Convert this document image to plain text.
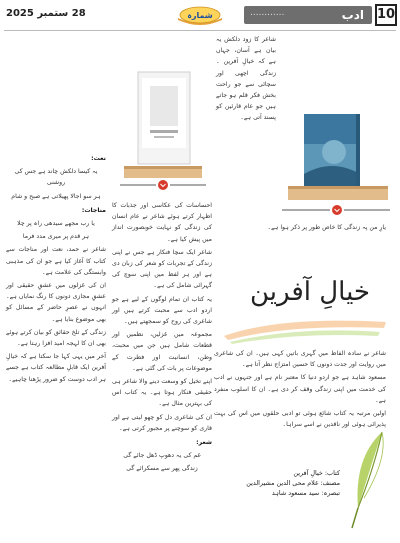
28 ستمبر 2025	شمارہ	............	ادب 10

یارِ من پہ زندگی کا خاص طور پر ذکر ہوا ہے۔

شاعر کا زود دلکش یہ بیان ہے آسان، جہاں ہے کہ خیالِ آفرین ۔ زندگی اچھی اور سچائی سے جو راحت بخش فکر قلم ہو جاتے ہیں جو عام قارئین کو پسند آتی ہے۔

شاعر نے سادہ الفاظ میں گہری باتیں کہی ہیں۔ ان کی شاعری میں روایت اور جدت دونوں کا حسین امتزاج نظر آتا ہے۔

مسعود شاہد ہے جو اردو دنیا کا معتبر نام ہے اور جنہوں نے ادب کی خدمت میں اپنی زندگی وقف کر دی ہے۔ ان کا اسلوب منفرد ہے۔

اولین مرتبہ یہ کتاب شائع ہوئی تو ادبی حلقوں میں اس کی بہت پذیرائی ہوئی اور ناقدین نے اسے سراہا۔

احساسات کی عکاسی اور جذبات کا اظہار کرتے ہوئے شاعر نے عام انسان کی زندگی کو نہایت خوبصورت انداز میں پیش کیا ہے۔

شاعر ایک سچا فنکار ہے جس نے اپنی زندگی کے تجربات کو شعر کی زبان دی ہے اور ہر لفظ میں اپنی سوچ کی گہرائی شامل کی ہے۔

یہ کتاب ان تمام لوگوں کے لیے ہے جو اردو ادب سے محبت کرتے ہیں اور شاعری کی روح کو سمجھتے ہیں۔

مجموعہ میں غزلیں، نظمیں اور قطعات شامل ہیں جن میں محبت، وطن، انسانیت اور فطرت کے موضوعات پر بات کی گئی ہے۔

اپنے تخیل کو وسعت دینے والا شاعر ہی حقیقی فنکار ہوتا ہے۔ یہ کتاب اس کی بہترین مثال ہے۔

ان کی شاعری دل کو چھو لیتی ہے اور قاری کو سوچنے پر مجبور کرتی ہے۔

شعر:

غم کی یہ دھوپ ڈھل جائے گی

زندگی پھر سے مسکرائے گی

نعت:

یہ کیسا دلکش چاند ہے جس کی روشنی

ہر سو اجالا پھیلاتی ہے صبح و شام

مناجات:

یا رب مجھے سیدھی راہ پر چلا

ہر قدم پر میری مدد فرما

شاعر نے حمد، نعت اور مناجات سے کتاب کا آغاز کیا ہے جو ان کی مذہبی وابستگی کی علامت ہے۔

ان کی غزلوں میں عشقِ حقیقی اور عشقِ مجازی دونوں کا رنگ نمایاں ہے۔ انہوں نے عصرِ حاضر کے مسائل کو بھی موضوع بنایا ہے۔

زندگی کے تلخ حقائق کو بیان کرتے ہوئے بھی ان کا لہجہ امید افزا رہتا ہے۔

آخر میں یہی کہا جا سکتا ہے کہ خیالِ آفرین ایک قابلِ مطالعہ کتاب ہے جسے ہر ادب دوست کو ضرور پڑھنا چاہیے۔

خیالِ آفرین
کتاب: خیالِ آفرین
مصنف: غلام محی الدین مشیرالدین
تبصرہ: سید مسعود شاہد
